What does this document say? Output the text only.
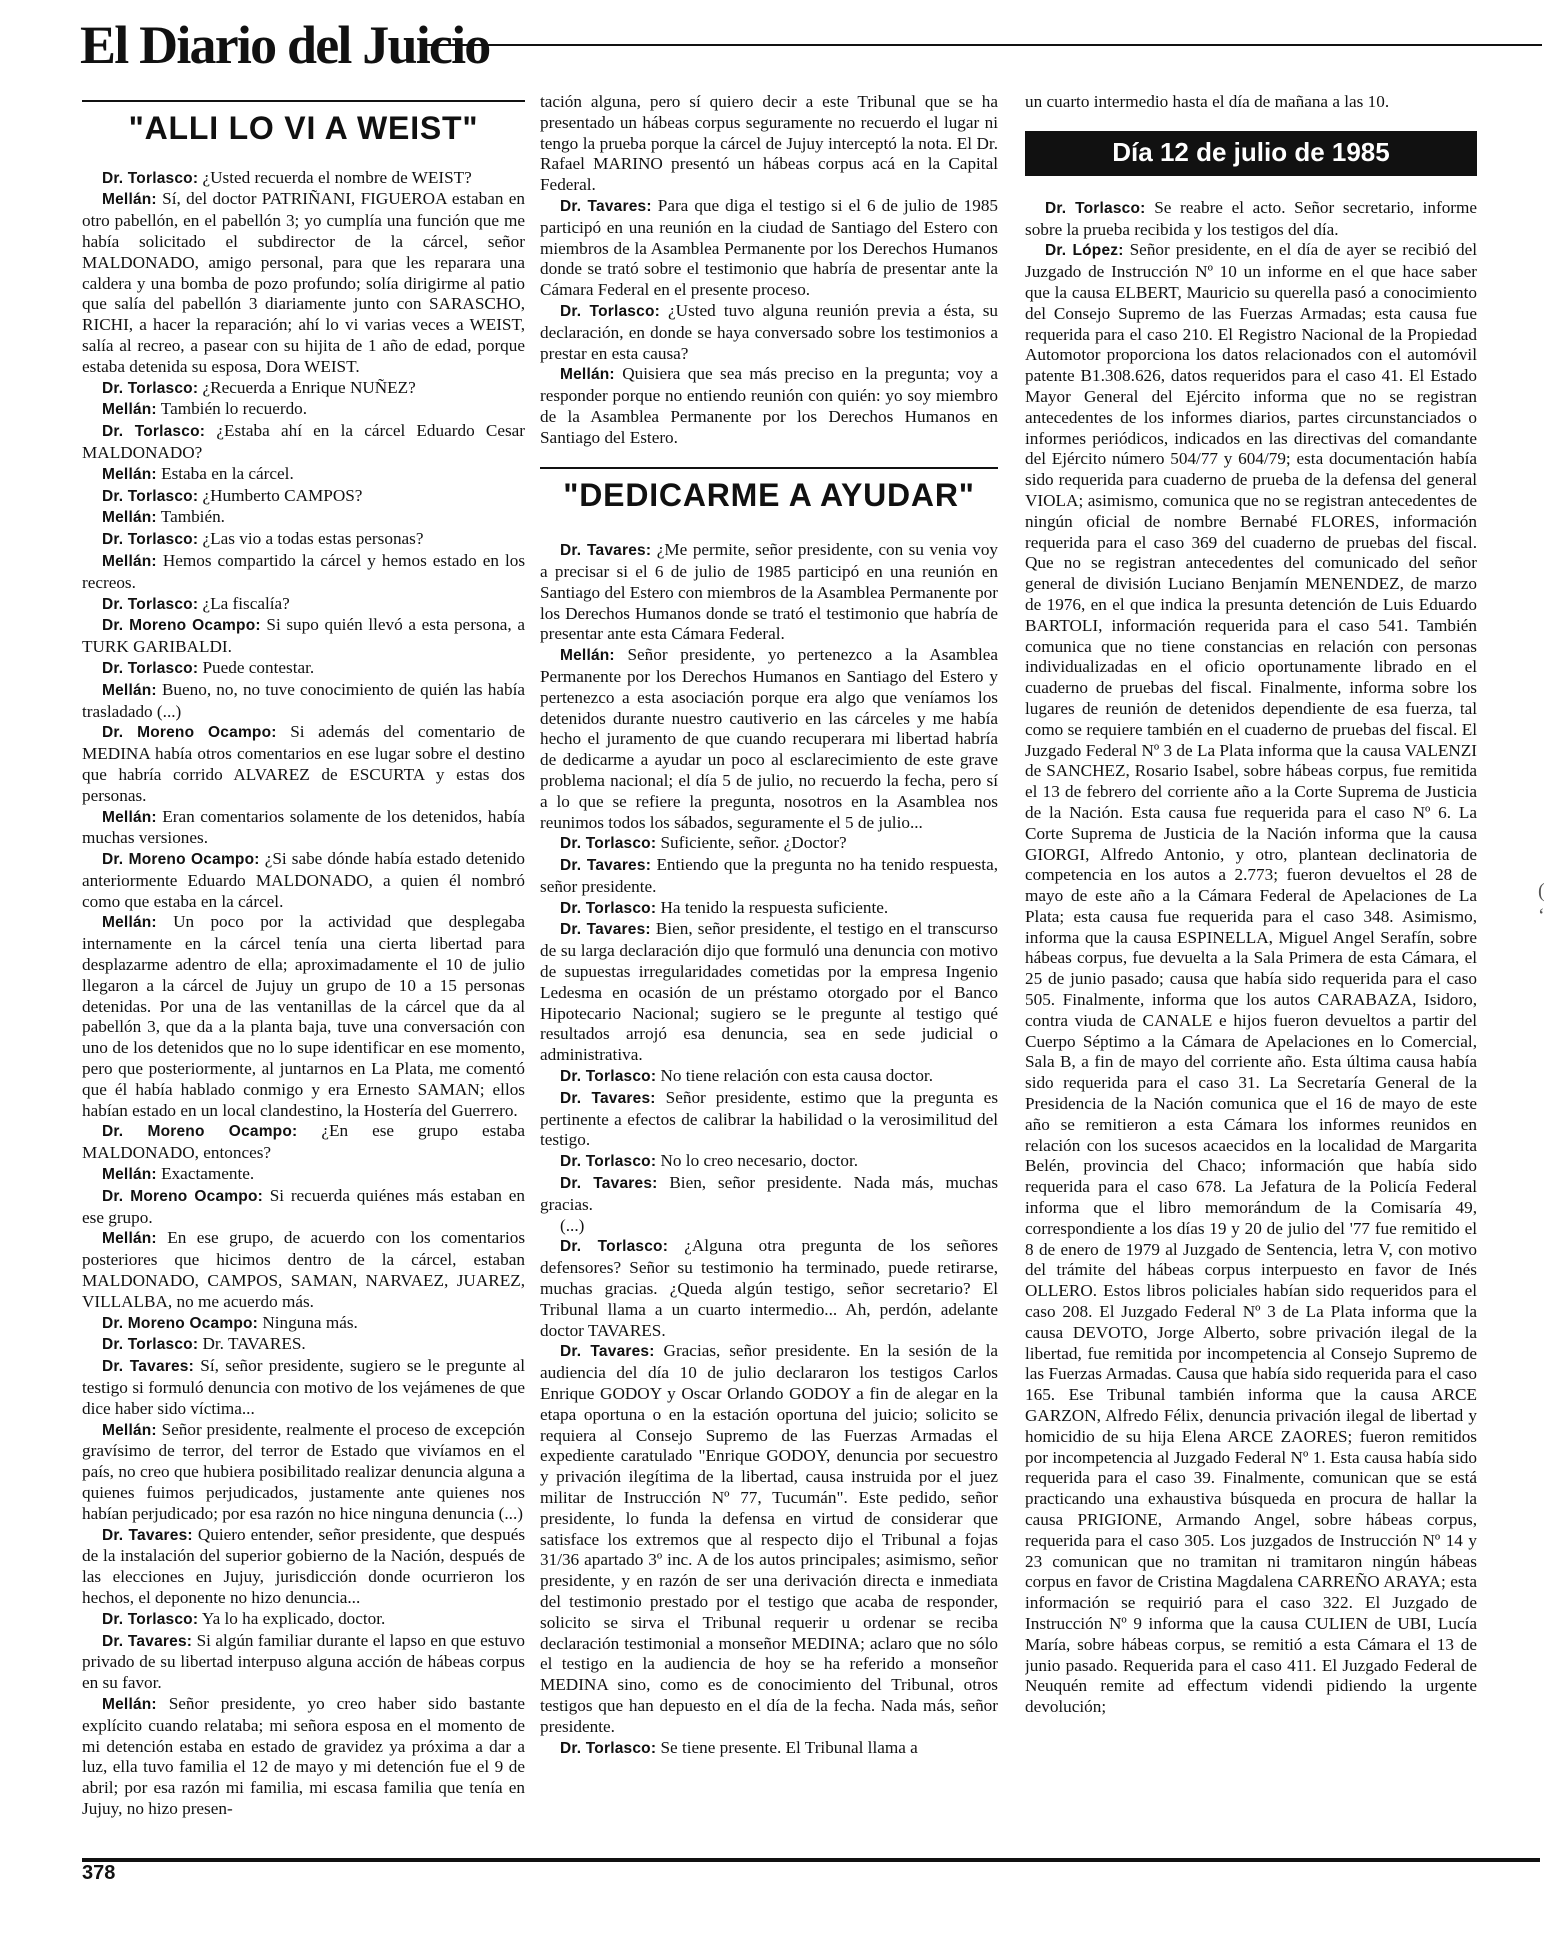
El Diario del Juicio
"ALLI LO VI A WEIST"

Dr. Torlasco: ¿Usted recuerda el nombre de WEIST?

Mellán: Sí, del doctor PATRIÑANI, FIGUEROA estaban en otro pabellón, en el pabellón 3; yo cumplía una función que me había solicitado el subdirector de la cárcel, señor MALDONADO, amigo personal, para que les reparara una caldera y una bomba de pozo profundo; solía dirigirme al patio que salía del pabellón 3 diariamente junto con SARASCHO, RICHI, a hacer la reparación; ahí lo vi varias veces a WEIST, salía al recreo, a pasear con su hijita de 1 año de edad, porque estaba detenida su esposa, Dora WEIST.

Dr. Torlasco: ¿Recuerda a Enrique NUÑEZ?

Mellán: También lo recuerdo.

Dr. Torlasco: ¿Estaba ahí en la cárcel Eduardo Cesar MALDONADO?

Mellán: Estaba en la cárcel.

Dr. Torlasco: ¿Humberto CAMPOS?

Mellán: También.

Dr. Torlasco: ¿Las vio a todas estas personas?

Mellán: Hemos compartido la cárcel y hemos estado en los recreos.

Dr. Torlasco: ¿La fiscalía?

Dr. Moreno Ocampo: Si supo quién llevó a esta persona, a TURK GARIBALDI.

Dr. Torlasco: Puede contestar.

Mellán: Bueno, no, no tuve conocimiento de quién las había trasladado (...)

Dr. Moreno Ocampo: Si además del comentario de MEDINA había otros comentarios en ese lugar sobre el destino que habría corrido ALVAREZ de ESCURTA y estas dos personas.

Mellán: Eran comentarios solamente de los detenidos, había muchas versiones.

Dr. Moreno Ocampo: ¿Si sabe dónde había estado detenido anteriormente Eduardo MALDONADO, a quien él nombró como que estaba en la cárcel.

Mellán: Un poco por la actividad que desplegaba internamente en la cárcel tenía una cierta libertad para desplazarme adentro de ella; aproximadamente el 10 de julio llegaron a la cárcel de Jujuy un grupo de 10 a 15 personas detenidas. Por una de las ventanillas de la cárcel que da al pabellón 3, que da a la planta baja, tuve una conversación con uno de los detenidos que no lo supe identificar en ese momento, pero que posteriormente, al juntarnos en La Plata, me comentó que él había hablado conmigo y era Ernesto SAMAN; ellos habían estado en un local clandestino, la Hostería del Guerrero.

Dr. Moreno Ocampo: ¿En ese grupo estaba MALDONADO, entonces?

Mellán: Exactamente.

Dr. Moreno Ocampo: Si recuerda quiénes más estaban en ese grupo.

Mellán: En ese grupo, de acuerdo con los comentarios posteriores que hicimos dentro de la cárcel, estaban MALDONADO, CAMPOS, SAMAN, NARVAEZ, JUAREZ, VILLALBA, no me acuerdo más.

Dr. Moreno Ocampo: Ninguna más.

Dr. Torlasco: Dr. TAVARES.

Dr. Tavares: Sí, señor presidente, sugiero se le pregunte al testigo si formuló denuncia con motivo de los vejámenes de que dice haber sido víctima...

Mellán: Señor presidente, realmente el proceso de excepción gravísimo de terror, del terror de Estado que vivíamos en el país, no creo que hubiera posibilitado realizar denuncia alguna a quienes fuimos perjudicados, justamente ante quienes nos habían perjudicado; por esa razón no hice ninguna denuncia (...)

Dr. Tavares: Quiero entender, señor presidente, que después de la instalación del superior gobierno de la Nación, después de las elecciones en Jujuy, jurisdicción donde ocurrieron los hechos, el deponente no hizo denuncia...

Dr. Torlasco: Ya lo ha explicado, doctor.

Dr. Tavares: Si algún familiar durante el lapso en que estuvo privado de su libertad interpuso alguna acción de hábeas corpus en su favor.

Mellán: Señor presidente, yo creo haber sido bastante explícito cuando relataba; mi señora esposa en el momento de mi detención estaba en estado de gravidez ya próxima a dar a luz, ella tuvo familia el 12 de mayo y mi detención fue el 9 de abril; por esa razón mi familia, mi escasa familia que tenía en Jujuy, no hizo presen-

tación alguna, pero sí quiero decir a este Tribunal que se ha presentado un hábeas corpus seguramente no recuerdo el lugar ni tengo la prueba porque la cárcel de Jujuy interceptó la nota. El Dr. Rafael MARINO presentó un hábeas corpus acá en la Capital Federal.

Dr. Tavares: Para que diga el testigo si el 6 de julio de 1985 participó en una reunión en la ciudad de Santiago del Estero con miembros de la Asamblea Permanente por los Derechos Humanos donde se trató sobre el testimonio que habría de presentar ante la Cámara Federal en el presente proceso.

Dr. Torlasco: ¿Usted tuvo alguna reunión previa a ésta, su declaración, en donde se haya conversado sobre los testimonios a prestar en esta causa?

Mellán: Quisiera que sea más preciso en la pregunta; voy a responder porque no entiendo reunión con quién: yo soy miembro de la Asamblea Permanente por los Derechos Humanos en Santiago del Estero.

"DEDICARME A AYUDAR"

Dr. Tavares: ¿Me permite, señor presidente, con su venia voy a precisar si el 6 de julio de 1985 participó en una reunión en Santiago del Estero con miembros de la Asamblea Permanente por los Derechos Humanos donde se trató el testimonio que habría de presentar ante esta Cámara Federal.

Mellán: Señor presidente, yo pertenezco a la Asamblea Permanente por los Derechos Humanos en Santiago del Estero y pertenezco a esta asociación porque era algo que veníamos los detenidos durante nuestro cautiverio en las cárceles y me había hecho el juramento de que cuando recuperara mi libertad habría de dedicarme a ayudar un poco al esclarecimiento de este grave problema nacional; el día 5 de julio, no recuerdo la fecha, pero sí a lo que se refiere la pregunta, nosotros en la Asamblea nos reunimos todos los sábados, seguramente el 5 de julio...

Dr. Torlasco: Suficiente, señor. ¿Doctor?

Dr. Tavares: Entiendo que la pregunta no ha tenido respuesta, señor presidente.

Dr. Torlasco: Ha tenido la respuesta suficiente.

Dr. Tavares: Bien, señor presidente, el testigo en el transcurso de su larga declaración dijo que formuló una denuncia con motivo de supuestas irregularidades cometidas por la empresa Ingenio Ledesma en ocasión de un préstamo otorgado por el Banco Hipotecario Nacional; sugiero se le pregunte al testigo qué resultados arrojó esa denuncia, sea en sede judicial o administrativa.

Dr. Torlasco: No tiene relación con esta causa doctor.

Dr. Tavares: Señor presidente, estimo que la pregunta es pertinente a efectos de calibrar la habilidad o la verosimilitud del testigo.

Dr. Torlasco: No lo creo necesario, doctor.

Dr. Tavares: Bien, señor presidente. Nada más, muchas gracias.

(...)

Dr. Torlasco: ¿Alguna otra pregunta de los señores defensores? Señor su testimonio ha terminado, puede retirarse, muchas gracias. ¿Queda algún testigo, señor secretario? El Tribunal llama a un cuarto intermedio... Ah, perdón, adelante doctor TAVARES.

Dr. Tavares: Gracias, señor presidente. En la sesión de la audiencia del día 10 de julio declararon los testigos Carlos Enrique GODOY y Oscar Orlando GODOY a fin de alegar en la etapa oportuna o en la estación oportuna del juicio; solicito se requiera al Consejo Supremo de las Fuerzas Armadas el expediente caratulado "Enrique GODOY, denuncia por secuestro y privación ilegítima de la libertad, causa instruida por el juez militar de Instrucción Nº 77, Tucumán". Este pedido, señor presidente, lo funda la defensa en virtud de considerar que satisface los extremos que al respecto dijo el Tribunal a fojas 31/36 apartado 3º inc. A de los autos principales; asimismo, señor presidente, y en razón de ser una derivación directa e inmediata del testimonio prestado por el testigo que acaba de responder, solicito se sirva el Tribunal requerir u ordenar se reciba declaración testimonial a monseñor MEDINA; aclaro que no sólo el testigo en la audiencia de hoy se ha referido a monseñor MEDINA sino, como es de conocimiento del Tribunal, otros testigos que han depuesto en el día de la fecha. Nada más, señor presidente.

Dr. Torlasco: Se tiene presente. El Tribunal llama a

un cuarto intermedio hasta el día de mañana a las 10.

Día 12 de julio de 1985

Dr. Torlasco: Se reabre el acto. Señor secretario, informe sobre la prueba recibida y los testigos del día.

Dr. López: Señor presidente, en el día de ayer se recibió del Juzgado de Instrucción Nº 10 un informe en el que hace saber que la causa ELBERT, Mauricio su querella pasó a conocimiento del Consejo Supremo de las Fuerzas Armadas; esta causa fue requerida para el caso 210. El Registro Nacional de la Propiedad Automotor proporciona los datos relacionados con el automóvil patente B1.308.626, datos requeridos para el caso 41. El Estado Mayor General del Ejército informa que no se registran antecedentes de los informes diarios, partes circunstanciados o informes periódicos, indicados en las directivas del comandante del Ejército número 504/77 y 604/79; esta documentación había sido requerida para cuaderno de prueba de la defensa del general VIOLA; asimismo, comunica que no se registran antecedentes de ningún oficial de nombre Bernabé FLORES, información requerida para el caso 369 del cuaderno de pruebas del fiscal. Que no se registran antecedentes del comunicado del señor general de división Luciano Benjamín MENENDEZ, de marzo de 1976, en el que indica la presunta detención de Luis Eduardo BARTOLI, información requerida para el caso 541. También comunica que no tiene constancias en relación con personas individualizadas en el oficio oportunamente librado en el cuaderno de pruebas del fiscal. Finalmente, informa sobre los lugares de reunión de detenidos dependiente de esa fuerza, tal como se requiere también en el cuaderno de pruebas del fiscal. El Juzgado Federal Nº 3 de La Plata informa que la causa VALENZI de SANCHEZ, Rosario Isabel, sobre hábeas corpus, fue remitida el 13 de febrero del corriente año a la Corte Suprema de Justicia de la Nación. Esta causa fue requerida para el caso Nº 6. La Corte Suprema de Justicia de la Nación informa que la causa GIORGI, Alfredo Antonio, y otro, plantean declinatoria de competencia en los autos a 2.773; fueron devueltos el 28 de mayo de este año a la Cámara Federal de Apelaciones de La Plata; esta causa fue requerida para el caso 348. Asimismo, informa que la causa ESPINELLA, Miguel Angel Serafín, sobre hábeas corpus, fue devuelta a la Sala Primera de esta Cámara, el 25 de junio pasado; causa que había sido requerida para el caso 505. Finalmente, informa que los autos CARABAZA, Isidoro, contra viuda de CANALE e hijos fueron devueltos a partir del Cuerpo Séptimo a la Cámara de Apelaciones en lo Comercial, Sala B, a fin de mayo del corriente año. Esta última causa había sido requerida para el caso 31. La Secretaría General de la Presidencia de la Nación comunica que el 16 de mayo de este año se remitieron a esta Cámara los informes reunidos en relación con los sucesos acaecidos en la localidad de Margarita Belén, provincia del Chaco; información que había sido requerida para el caso 678. La Jefatura de la Policía Federal informa que el libro memorándum de la Comisaría 49, correspondiente a los días 19 y 20 de julio del '77 fue remitido el 8 de enero de 1979 al Juzgado de Sentencia, letra V, con motivo del trámite del hábeas corpus interpuesto en favor de Inés OLLERO. Estos libros policiales habían sido requeridos para el caso 208. El Juzgado Federal Nº 3 de La Plata informa que la causa DEVOTO, Jorge Alberto, sobre privación ilegal de la libertad, fue remitida por incompetencia al Consejo Supremo de las Fuerzas Armadas. Causa que había sido requerida para el caso 165. Ese Tribunal también informa que la causa ARCE GARZON, Alfredo Félix, denuncia privación ilegal de libertad y homicidio de su hija Elena ARCE ZAORES; fueron remitidos por incompetencia al Juzgado Federal Nº 1. Esta causa había sido requerida para el caso 39. Finalmente, comunican que se está practicando una exhaustiva búsqueda en procura de hallar la causa PRIGIONE, Armando Angel, sobre hábeas corpus, requerida para el caso 305. Los juzgados de Instrucción Nº 14 y 23 comunican que no tramitan ni tramitaron ningún hábeas corpus en favor de Cristina Magdalena CARREÑO ARAYA; esta información se requirió para el caso 322. El Juzgado de Instrucción Nº 9 informa que la causa CULIEN de UBI, Lucía María, sobre hábeas corpus, se remitió a esta Cámara el 13 de junio pasado. Requerida para el caso 411. El Juzgado Federal de Neuquén remite ad effectum videndi pidiendo la urgente devolución;

(
‘
378
